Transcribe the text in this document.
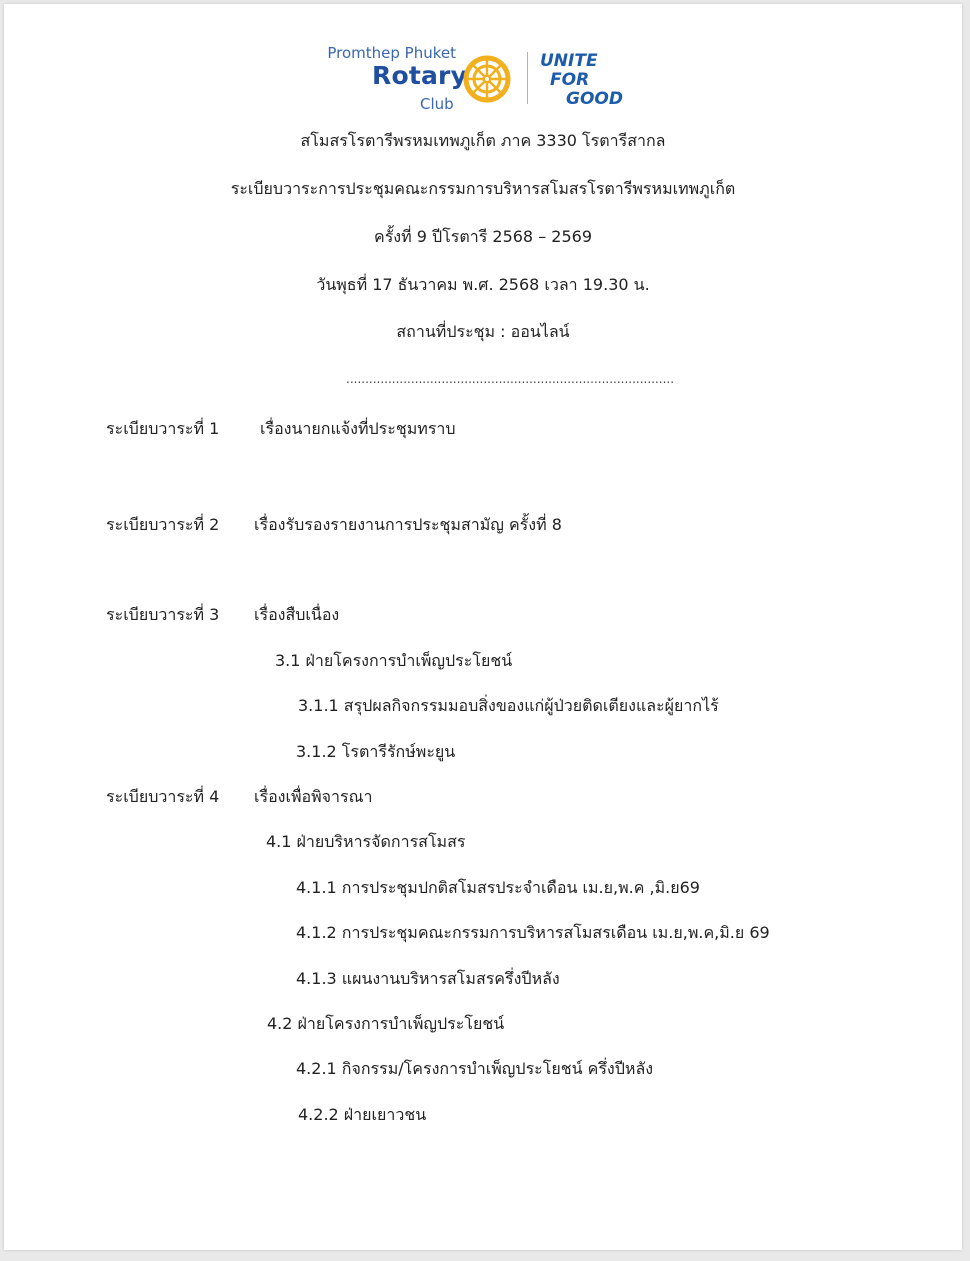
Promthep Phuket
Rotary
Club
UNITE
FOR
GOOD
สโมสรโรตารีพรหมเทพภูเก็ต ภาค 3330 โรตารีสากล
ระเบียบวาระการประชุมคณะกรรมการบริหารสโมสรโรตารีพรหมเทพภูเก็ต
ครั้งที่ 9 ปีโรตารี 2568 – 2569
วันพุธที่ 17 ธันวาคม พ.ศ. 2568 เวลา 19.30 น.
สถานที่ประชุม : ออนไลน์
......................................................................................
ระเบียบวาระที่ 1	เรื่องนายกแจ้งที่ประชุมทราบ
ระเบียบวาระที่ 2 เรื่องรับรองรายงานการประชุมสามัญ ครั้งที่ 8
ระเบียบวาระที่ 3 เรื่องสืบเนื่อง
3.1 ฝ่ายโครงการบำเพ็ญประโยชน์
3.1.1 สรุปผลกิจกรรมมอบสิ่งของแก่ผู้ป่วยติดเตียงและผู้ยากไร้
3.1.2 โรตารีรักษ์พะยูน
ระเบียบวาระที่ 4 เรื่องเพื่อพิจารณา
4.1 ฝ่ายบริหารจัดการสโมสร
4.1.1 การประชุมปกติสโมสรประจำเดือน เม.ย,พ.ค ,มิ.ย69
4.1.2 การประชุมคณะกรรมการบริหารสโมสรเดือน เม.ย,พ.ค,มิ.ย 69
4.1.3 แผนงานบริหารสโมสรครึ่งปีหลัง
4.2 ฝ่ายโครงการบำเพ็ญประโยชน์
4.2.1 กิจกรรม/โครงการบำเพ็ญประโยชน์ ครึ่งปีหลัง
4.2.2 ฝ่ายเยาวชน
